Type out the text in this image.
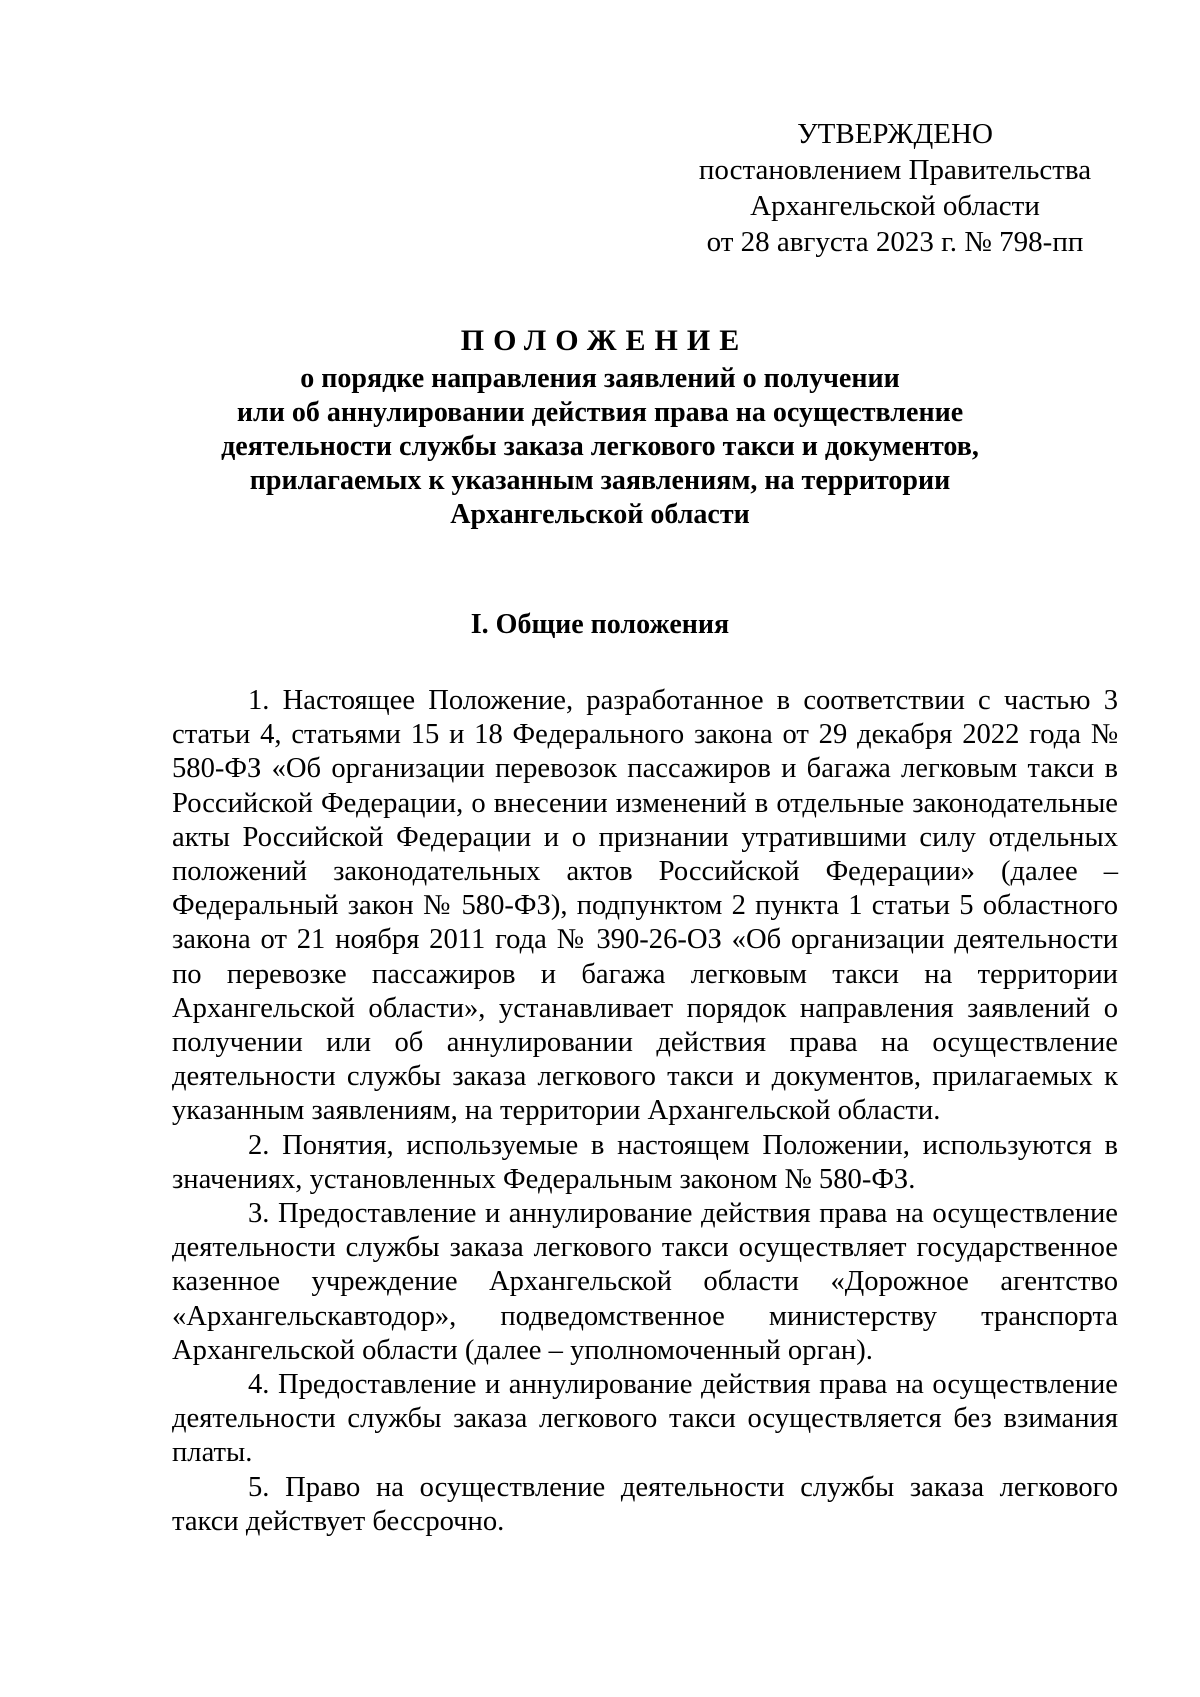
УТВЕРЖДЕНО
постановлением Правительства
Архангельской области
от 28 августа 2023 г. № 798-пп
ПОЛОЖЕНИЕ
о порядке направления заявлений о получении
или об аннулировании действия права на осуществление
деятельности службы заказа легкового такси и документов,
прилагаемых к указанным заявлениям, на территории
Архангельской области
I. Общие положения

1. Настоящее Положение, разработанное в соответствии с частью 3 статьи 4, статьями 15 и 18 Федерального закона от 29 декабря 2022 года № 580-ФЗ «Об организации перевозок пассажиров и багажа легковым такси в Российской Федерации, о внесении изменений в отдельные законодательные акты Российской Федерации и о признании утратившими силу отдельных положений законодательных актов Российской Федерации» (далее – Федеральный закон № 580-ФЗ), подпунктом 2 пункта 1 статьи 5 областного закона от 21 ноября 2011 года № 390-26-ОЗ «Об организации деятельности по перевозке пассажиров и багажа легковым такси на территории Архангельской области», устанавливает порядок направления заявлений о получении или об аннулировании действия права на осуществление деятельности службы заказа легкового такси и документов, прилагаемых к указанным заявлениям, на территории Архангельской области.

2. Понятия, используемые в настоящем Положении, используются в значениях, установленных Федеральным законом № 580-ФЗ.

3. Предоставление и аннулирование действия права на осуществление деятельности службы заказа легкового такси осуществляет государственное казенное учреждение Архангельской области «Дорожное агентство «Архангельскавтодор», подведомственное министерству транспорта Архангельской области (далее – уполномоченный орган).

4. Предоставление и аннулирование действия права на осуществление деятельности службы заказа легкового такси осуществляется без взимания платы.

5. Право на осуществление деятельности службы заказа легкового такси действует бессрочно.
